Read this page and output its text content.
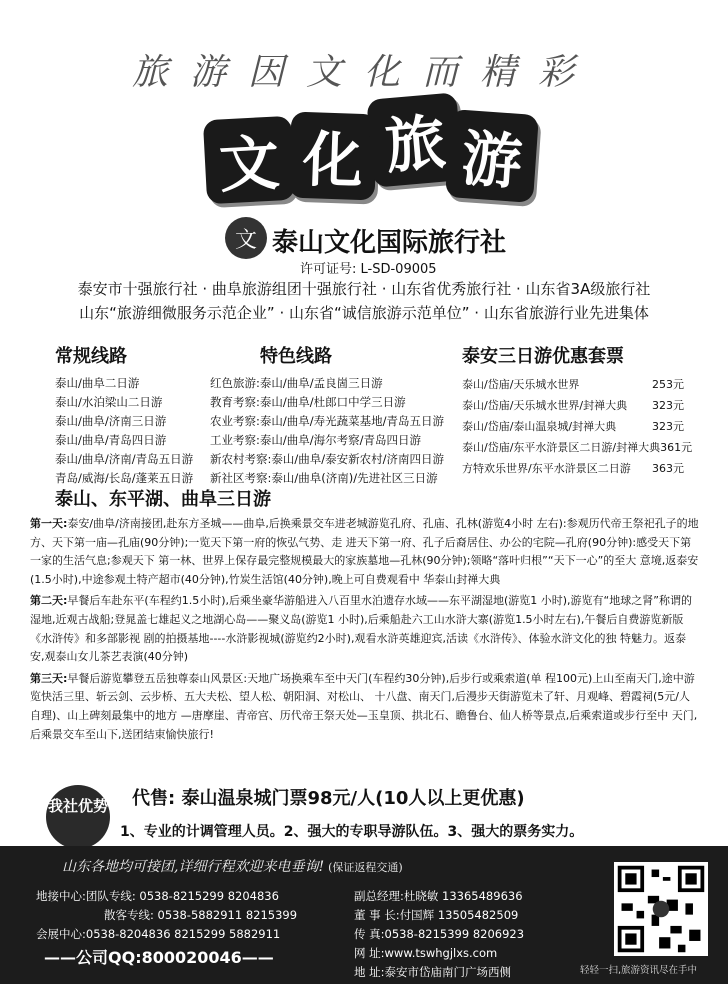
旅游因文化而精彩
文 化 旅 游
文 泰山文化国际旅行社
许可证号: L-SD-09005
泰安市十强旅行社 · 曲阜旅游组团十强旅行社 · 山东省优秀旅行社 · 山东省3A级旅行社
山东“旅游细微服务示范企业” · 山东省“诚信旅游示范单位” · 山东省旅游行业先进集体
常规线路
泰山/曲阜二日游
泰山/水泊梁山二日游
泰山/曲阜/济南三日游
泰山/曲阜/青岛四日游
泰山/曲阜/济南/青岛五日游
青岛/威海/长岛/蓬莱五日游
特色线路
红色旅游:泰山/曲阜/孟良崮三日游
教育考察:泰山/曲阜/杜郎口中学三日游
农业考察:泰山/曲阜/寿光蔬菜基地/青岛五日游
工业考察:泰山/曲阜/海尔考察/青岛四日游
新农村考察:泰山/曲阜/泰安新农村/济南四日游
新社区考察:泰山/曲阜(济南)/先进社区三日游
泰安三日游优惠套票
泰山/岱庙/天乐城水世界	253元
泰山/岱庙/天乐城水世界/封禅大典 323元
泰山/岱庙/泰山温泉城/封禅大典	323元
泰山/岱庙/东平水浒景区二日游/封禅大典 361元
方特欢乐世界/东平水浒景区二日游 363元
泰山、东平湖、曲阜三日游
第一天:泰安/曲阜/济南接团,赴东方圣城——曲阜,后换乘景交车进老城游览孔府、孔庙、孔林(游览4小时 左右):参观历代帝王祭祀孔子的地方、天下第一庙—孔庙(90分钟);一览天下第一府的恢弘气势、走 进天下第一府、孔子后裔居住、办公的宅院—孔府(90分钟):感受天下第一家的生活气息;参观天下 第一林、世界上保存最完整规模最大的家族墓地—孔林(90分钟);领略“落叶归根”“天下一心”的至大 意境,返泰安(1.5小时),中途参观土特产超市(40分钟),竹炭生活馆(40分钟),晚上可自费观看中 华泰山封禅大典
第二天:早餐后车赴东平(车程约1.5小时),后乘坐豪华游船进入八百里水泊遗存水域——东平湖湿地(游览1 小时),游览有“地球之肾”称谓的湿地,近观古战船;登晁盖七雄起义之地湖心岛——聚义岛(游览1 小时),后乘船赴六工山水浒大寨(游览1.5小时左右),午餐后自费游览新版《水浒传》和多部影视 剧的拍摄基地----水浒影视城(游览约2小时),观看水浒英雄迎宾,活读《水浒传》、体验水浒文化的独 特魅力。返泰安,观泰山女儿茶艺表演(40分钟)
第三天:早餐后游览攀登五岳独尊泰山风景区:天地广场换乘车至中天门(车程约30分钟),后步行或乘索道(单 程100元)上山至南天门,途中游览快活三里、斩云剑、云步桥、五大夫松、望人松、朝阳洞、对松山、 十八盘、南天门,后漫步天街游览未了轩、月观峰、碧霞祠(5元/人 自理)、山上碑刻最集中的地方 —唐摩崖、青帝宫、历代帝王祭天处—玉皇顶、拱北石、瞻鲁台、仙人桥等景点,后乘索道或步行至中 天门,后乘景交车至山下,送团结束愉快旅行!
我社优势 代售: 泰山温泉城门票98元/人(10人以上更优惠)
1、专业的计调管理人员。2、强大的专职导游队伍。3、强大的票务实力。
山东各地均可接团,详细行程欢迎来电垂询! (保证返程交通)
地接中心:团队专线: 0538-8215299 8204836
散客专线: 0538-5882911 8215399
会展中心:0538-8204836 8215299 5882911
——公司QQ:800020046——
副总经理:杜晓敏 13365489636
董 事 长:付国辉 13505482509
传 真:0538-8215399 8206923
网 址:www.tswhgjlxs.com
地 址:泰安市岱庙南门广场西侧	轻轻一扫,旅游资讯尽在手中
